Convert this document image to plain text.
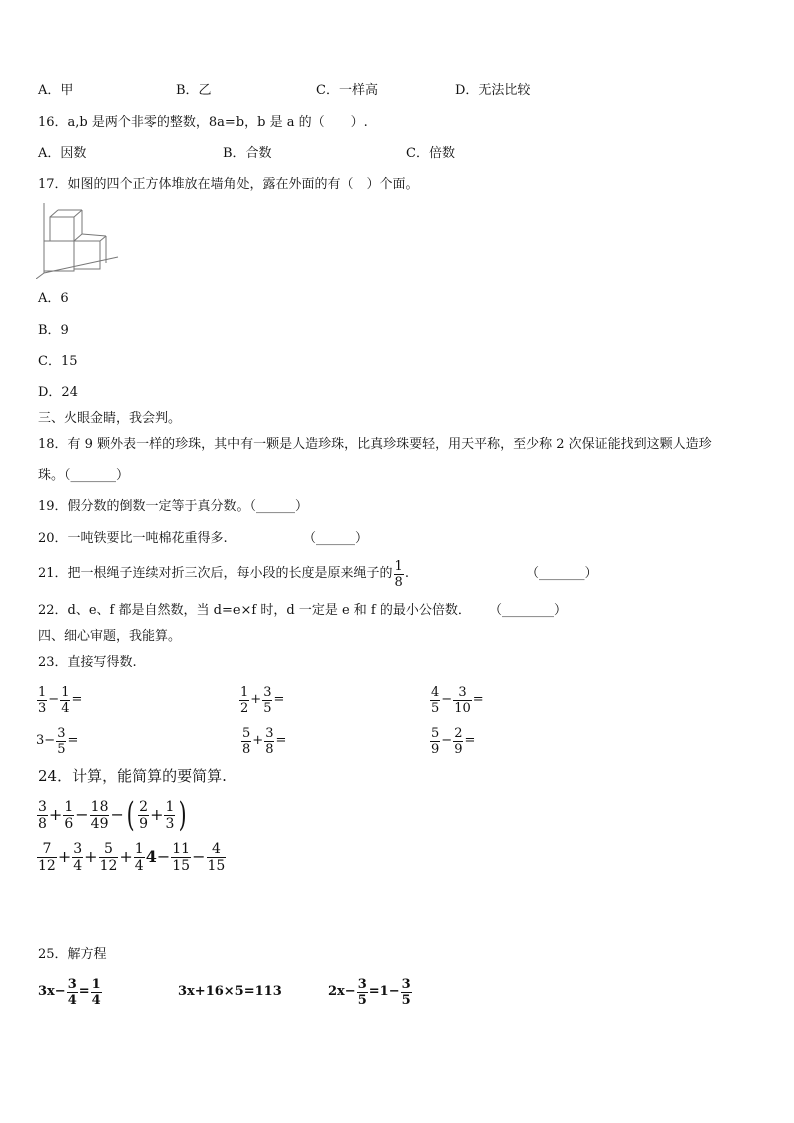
A．甲	B．乙	C．一样高	D．无法比较
16．a,b 是两个非零的整数，8a=b，b 是 a 的（　　）.
A．因数	B．合数	C．倍数
17．如图的四个正方体堆放在墙角处，露在外面的有（　）个面。
A．6
B．9
C．15
D．24
三、火眼金睛，我会判。
18．有 9 颗外表一样的珍珠，其中有一颗是人造珍珠，比真珍珠要轻，用天平称，至少称 2 次保证能找到这颗人造珍
珠。（_______）
19．假分数的倒数一定等于真分数。（______）
20．一吨铁要比一吨棉花重得多.	（______）
21．把一根绳子连续对折三次后，每小段的长度是原来绳子的 $\frac{1}{8}$ .	（_______）
22．d、e、f 都是自然数，当 d=e×f 时，d 一定是 e 和 f 的最小公倍数． （________）
四、细心审题，我能算。
23．直接写得数.
$\frac{1}{3} - \frac{1}{4}$ =	$\frac{1}{2} + \frac{3}{5}$ =	$\frac{4}{5} - \frac{3}{10}$ =
$3 - \frac{3}{5}$ =	$\frac{5}{8} + \frac{3}{8}$ =	$\frac{5}{9} - \frac{2}{9}$ =
24．计算，能简算的要简算.
$\frac{3}{8} + \frac{1}{6} - \frac{18}{49}$ − ( $\frac{2}{9} + \frac{1}{3}$ )
$\frac{7}{12} + \frac{3}{4} + \frac{5}{12} + \frac{1}{4} 4 - \frac{11}{15} - \frac{4}{15}$
25．解方程
$3x- \frac{3}{4} = \frac{1}{4}$	3x+16×5=113	$2x- \frac{3}{5} =1- \frac{3}{5}$
